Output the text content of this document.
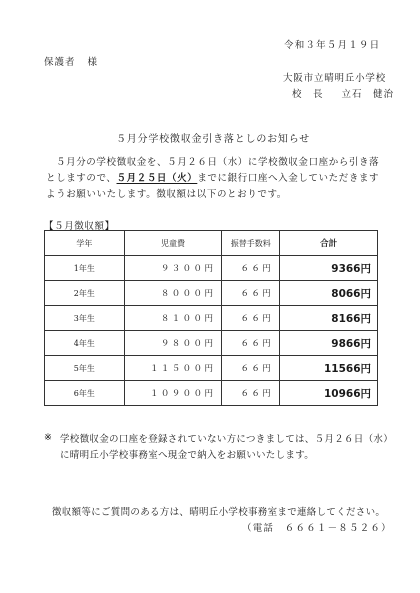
令和３年５月１９日
保護者 様
大阪市立晴明丘小学校
校　長 立石　健治
５月分学校徴収金引き落としのお知らせ

５月分の学校徴収金を、５月２６日（水）に学校徴収金口座から引き落としますので、５月２５日（火）までに銀行口座へ入金していただきますようお願いいたします。徴収額は以下のとおりです。

【５月徴収額】
学年	児童費	振替手数料	合計
1年生	９３００円	６６円	9366円
2年生	８０００円	６６円	8066円
3年生	８１００円	６６円	8166円
4年生	９８００円	６６円	9866円
5年生	１１５００円	６６円	11566円
6年生	１０９００円	６６円	10966円
※ 学校徴収金の口座を登録されていない方につきましては、５月２６日（水）に晴明丘小学校事務室へ現金で納入をお願いいたします。

徴収額等にご質問のある方は、晴明丘小学校事務室まで連絡してください。
（電話　６６６１－８５２６）
